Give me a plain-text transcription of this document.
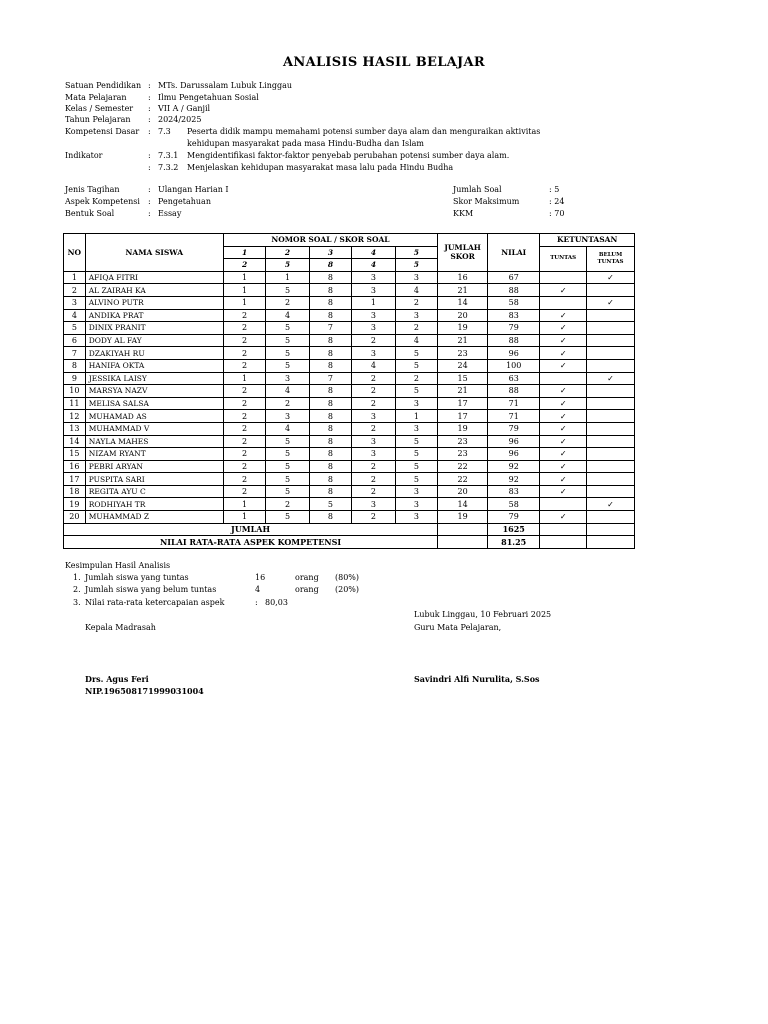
ANALISIS HASIL BELAJAR
Satuan Pendidikan : MTs. Darussalam Lubuk Linggau
Mata Pelajaran	: Ilmu Pengetahuan Sosial
Kelas / Semester : VII A / Ganjil
Tahun Pelajaran : 2024/2025
Kompetensi Dasar : 7.3 Peserta didik mampu memahami potensi sumber daya alam dan menguraikan aktivitas
kehidupan masyarakat pada masa Hindu-Budha dan Islam
Indikator	: 7.3.1 Mengidentifikasi faktor-faktor penyebab perubahan potensi sumber daya alam.
: 7.3.2 Menjelaskan kehidupan masyarakat masa lalu pada Hindu Budha
Jenis Tagihan	: Ulangan Harian I
Aspek Kompetensi : Pengetahuan
Bentuk Soal	: Essay
Jumlah Soal	: 5
Skor Maksimum	: 24
KKM	: 70
NO	NAMA SISWA	NOMOR SOAL / SKOR SOAL					JUMLAH SKOR	NILAI	KETUNTASAN	
		1	2	3	4	5			TUNTAS	BELUM TUNTAS
		2	5	8	4	5				
1	AFIQA FITRI	1	1	8	3	3	16	67		✓
2	AL ZAIRAH KA	1	5	8	3	4	21	88	✓	
3	ALVINO PUTR	1	2	8	1	2	14	58		✓
4	ANDIKA PRAT	2	4	8	3	3	20	83	✓	
5	DINIX PRANIT	2	5	7	3	2	19	79	✓	
6	DODY AL FAY	2	5	8	2	4	21	88	✓	
7	DZAKIYAH RU	2	5	8	3	5	23	96	✓	
8	HANIFA OKTA	2	5	8	4	5	24	100	✓	
9	JESSIKA LAISY	1	3	7	2	2	15	63		✓
10	MARSYA NAZV	2	4	8	2	5	21	88	✓	
11	MELISA SALSA	2	2	8	2	3	17	71	✓	
12	MUHAMAD AS	2	3	8	3	1	17	71	✓	
13	MUHAMMAD V	2	4	8	2	3	19	79	✓	
14	NAYLA MAHES	2	5	8	3	5	23	96	✓	
15	NIZAM RYANT	2	5	8	3	5	23	96	✓	
16	PEBRI ARYAN	2	5	8	2	5	22	92	✓	
17	PUSPITA SARI	2	5	8	2	5	22	92	✓	
18	REGITA AYU C	2	5	8	2	3	20	83	✓	
19	RODHIYAH TR	1	2	5	3	3	14	58		✓
20	MUHAMMAD Z	1	5	8	2	3	19	79	✓	
JUMLAH								1625		
NILAI RATA-RATA ASPEK KOMPETENSI								81.25		
Kesimpulan Hasil Analisis
1. Jumlah siswa yang tuntas	16	orang (80%)
2. Jumlah siswa yang belum tuntas	4	orang (20%)
3. Nilai rata-rata ketercapaian aspek	: 80,03
Lubuk Linggau, 10 Februari 2025
Kepala Madrasah	Guru Mata Pelajaran,
Drs. Agus Feri
NIP.196508171999031004
Savindri Alfi Nurulita, S.Sos
